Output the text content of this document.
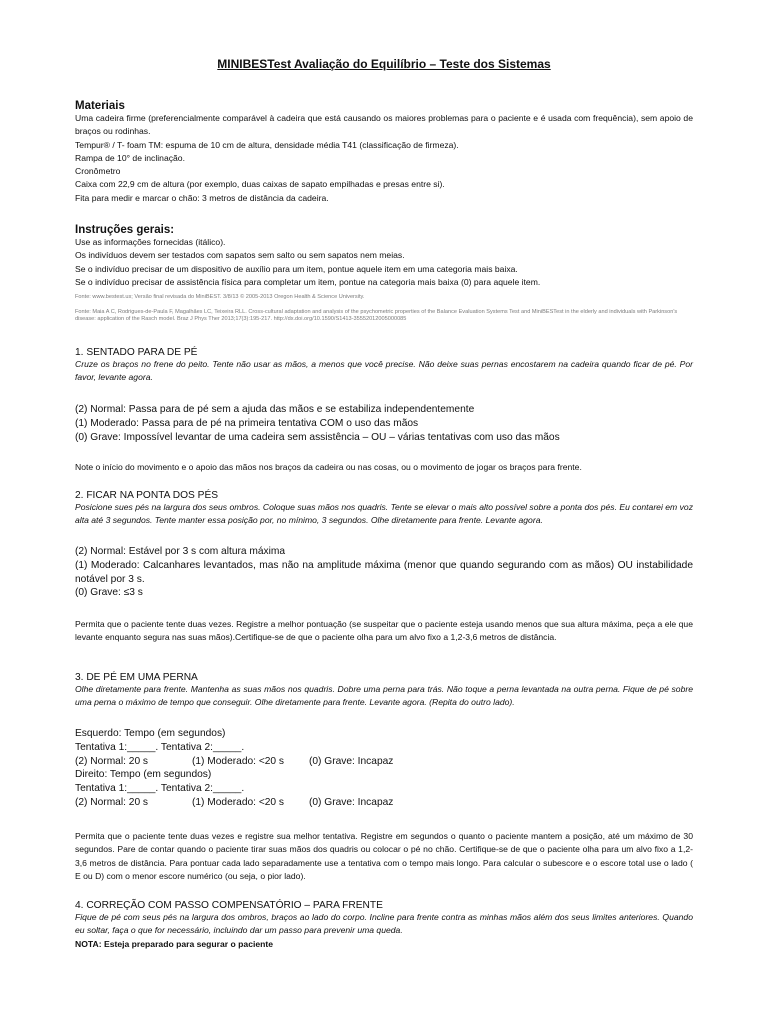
MINIBESTest Avaliação do Equilíbrio – Teste dos Sistemas

Materiais

Uma cadeira firme (preferencialmente comparável à cadeira que está causando os maiores problemas para o paciente e é usada com frequência), sem apoio de braços ou rodinhas.

Tempur® / T- foam TM: espuma de 10 cm de altura, densidade média T41 (classificação de firmeza).

Rampa de 10° de inclinação.

Cronômetro

Caixa com 22,9 cm de altura (por exemplo, duas caixas de sapato empilhadas e presas entre si).

Fita para medir e marcar o chão: 3 metros de distância da cadeira.

Instruções gerais:

Use as informações fornecidas (itálico).

Os indivíduos devem ser testados com sapatos sem salto ou sem sapatos nem meias.

Se o indivíduo precisar de um dispositivo de auxílio para um item, pontue aquele item em uma categoria mais baixa.

Se o indivíduo precisar de assistência física para completar um item, pontue na categoria mais baixa (0) para aquele item.

Fonte: www.bestest.us; Versão final revisada do MiniBEST. 3/8/13 © 2005-2013 Oregon Health & Science University.

Fonte: Maia A C, Rodrigues-de-Paula F, Magalhães LC, Teixeira RLL. Cross-cultural adaptation and analysis of the psychometric properties of the Balance Evaluation Systems Test and MiniBESTest in the elderly and individuals with Parkinson's disease: application of the Rasch model. Braz J Phys Ther 2013;17(3):195-217. http://dx.doi.org/10.1590/S1413-35552012005000085

1. SENTADO PARA DE PÉ

Cruze os braços no frene do peito. Tente não usar as mãos, a menos que você precise. Não deixe suas pernas encostarem na cadeira quando ficar de pé. Por favor, levante agora.

(2) Normal: Passa para de pé sem a ajuda das mãos e se estabiliza independentemente

(1) Moderado: Passa para de pé na primeira tentativa COM o uso das mãos

(0) Grave: Impossível levantar de uma cadeira sem assistência – OU – várias tentativas com uso das mãos

Note o início do movimento e o apoio das mãos nos braços da cadeira ou nas cosas, ou o movimento de jogar os braços para frente.

2. FICAR NA PONTA DOS PÉS

Posicione sues pés na largura dos seus ombros. Coloque suas mãos nos quadris. Tente se elevar o mais alto possível sobre a ponta dos pés. Eu contarei em voz alta até 3 segundos. Tente manter essa posição por, no mínimo, 3 segundos. Olhe diretamente para frente. Levante agora.

(2) Normal: Estável por 3 s com altura máxima

(1) Moderado: Calcanhares levantados, mas não na amplitude máxima (menor que quando segurando com as mãos) OU instabilidade notável por 3 s.

(0) Grave: ≤3 s

Permita que o paciente tente duas vezes. Registre a melhor pontuação (se suspeitar que o paciente esteja usando menos que sua altura máxima, peça a ele que levante enquanto segura nas suas mãos).Certifique-se de que o paciente olha para um alvo fixo a 1,2-3,6 metros de distância.

3. DE PÉ EM UMA PERNA

Olhe diretamente para frente. Mantenha as suas mãos nos quadris. Dobre uma perna para trás. Não toque a perna levantada na outra perna. Fique de pé sobre uma perna o máximo de tempo que conseguir. Olhe diretamente para frente. Levante agora. (Repita do outro lado).

Esquerdo: Tempo (em segundos)

Tentativa 1:_____. Tentativa 2:_____.

(2) Normal: 20 s	(1) Moderado: <20 s (0) Grave: Incapaz

Direito: Tempo (em segundos)

Tentativa 1:_____. Tentativa 2:_____.

(2) Normal: 20 s	(1) Moderado: <20 s (0) Grave: Incapaz

Permita que o paciente tente duas vezes e registre sua melhor tentativa. Registre em segundos o quanto o paciente mantem a posição, até um máximo de 30 segundos. Pare de contar quando o paciente tirar suas mãos dos quadris ou colocar o pé no chão. Certifique-se de que o paciente olha para um alvo fixo a 1,2-3,6 metros de distância. Para pontuar cada lado separadamente use a tentativa com o tempo mais longo. Para calcular o subescore e o escore total use o lado ( E ou D) com o menor escore numérico (ou seja, o pior lado).

4. CORREÇÃO COM PASSO COMPENSATÓRIO – PARA FRENTE

Fique de pé com seus pés na largura dos ombros, braços ao lado do corpo. Incline para frente contra as minhas mãos além dos seus limites anteriores. Quando eu soltar, faça o que for necessário, incluindo dar um passo para prevenir uma queda.

NOTA: Esteja preparado para segurar o paciente
